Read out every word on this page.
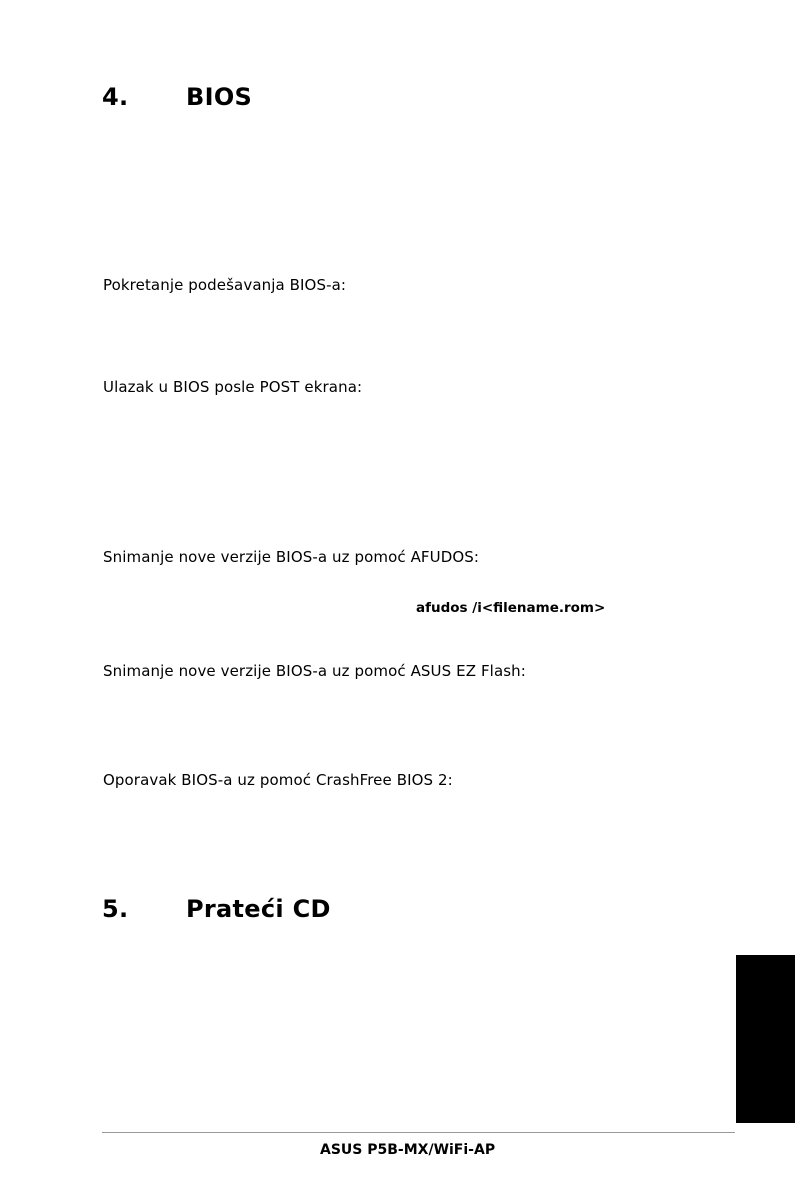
4. BIOS
Pokretanje podešavanja BIOS-a:
Ulazak u BIOS posle POST ekrana:
Snimanje nove verzije BIOS-a uz pomoć AFUDOS:
afudos /i<filename.rom>
Snimanje nove verzije BIOS-a uz pomoć ASUS EZ Flash:
Oporavak BIOS-a uz pomoć CrashFree BIOS 2:
5. Prateći CD
ASUS P5B-MX/WiFi-AP
